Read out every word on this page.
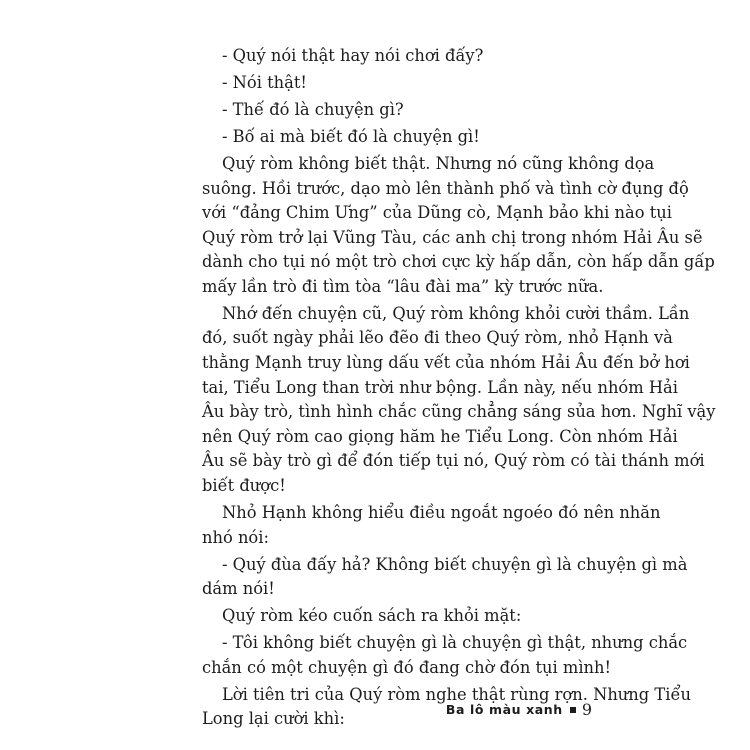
- Quý nói thật hay nói chơi đấy?

- Nói thật!

- Thế đó là chuyện gì?

- Bố ai mà biết đó là chuyện gì!

Quý ròm không biết thật. Nhưng nó cũng không dọa

suông. Hồi trước, dạo mò lên thành phố và tình cờ đụng độ

với “đảng Chim Ưng” của Dũng cò, Mạnh bảo khi nào tụi

Quý ròm trở lại Vũng Tàu, các anh chị trong nhóm Hải Âu sẽ

dành cho tụi nó một trò chơi cực kỳ hấp dẫn, còn hấp dẫn gấp

mấy lần trò đi tìm tòa “lâu đài ma” kỳ trước nữa.

Nhớ đến chuyện cũ, Quý ròm không khỏi cười thầm. Lần

đó, suốt ngày phải lẽo đẽo đi theo Quý ròm, nhỏ Hạnh và

thằng Mạnh truy lùng dấu vết của nhóm Hải Âu đến bở hơi

tai, Tiểu Long than trời như bộng. Lần này, nếu nhóm Hải

Âu bày trò, tình hình chắc cũng chẳng sáng sủa hơn. Nghĩ vậy

nên Quý ròm cao giọng hăm he Tiểu Long. Còn nhóm Hải

Âu sẽ bày trò gì để đón tiếp tụi nó, Quý ròm có tài thánh mới

biết được!

Nhỏ Hạnh không hiểu điều ngoắt ngoéo đó nên nhăn

nhó nói:

- Quý đùa đấy hả? Không biết chuyện gì là chuyện gì mà

dám nói!

Quý ròm kéo cuốn sách ra khỏi mặt:

- Tôi không biết chuyện gì là chuyện gì thật, nhưng chắc

chắn có một chuyện gì đó đang chờ đón tụi mình!

Lời tiên tri của Quý ròm nghe thật rùng rợn. Nhưng Tiểu

Long lại cười khì:	Ba lô màu xanh 9
